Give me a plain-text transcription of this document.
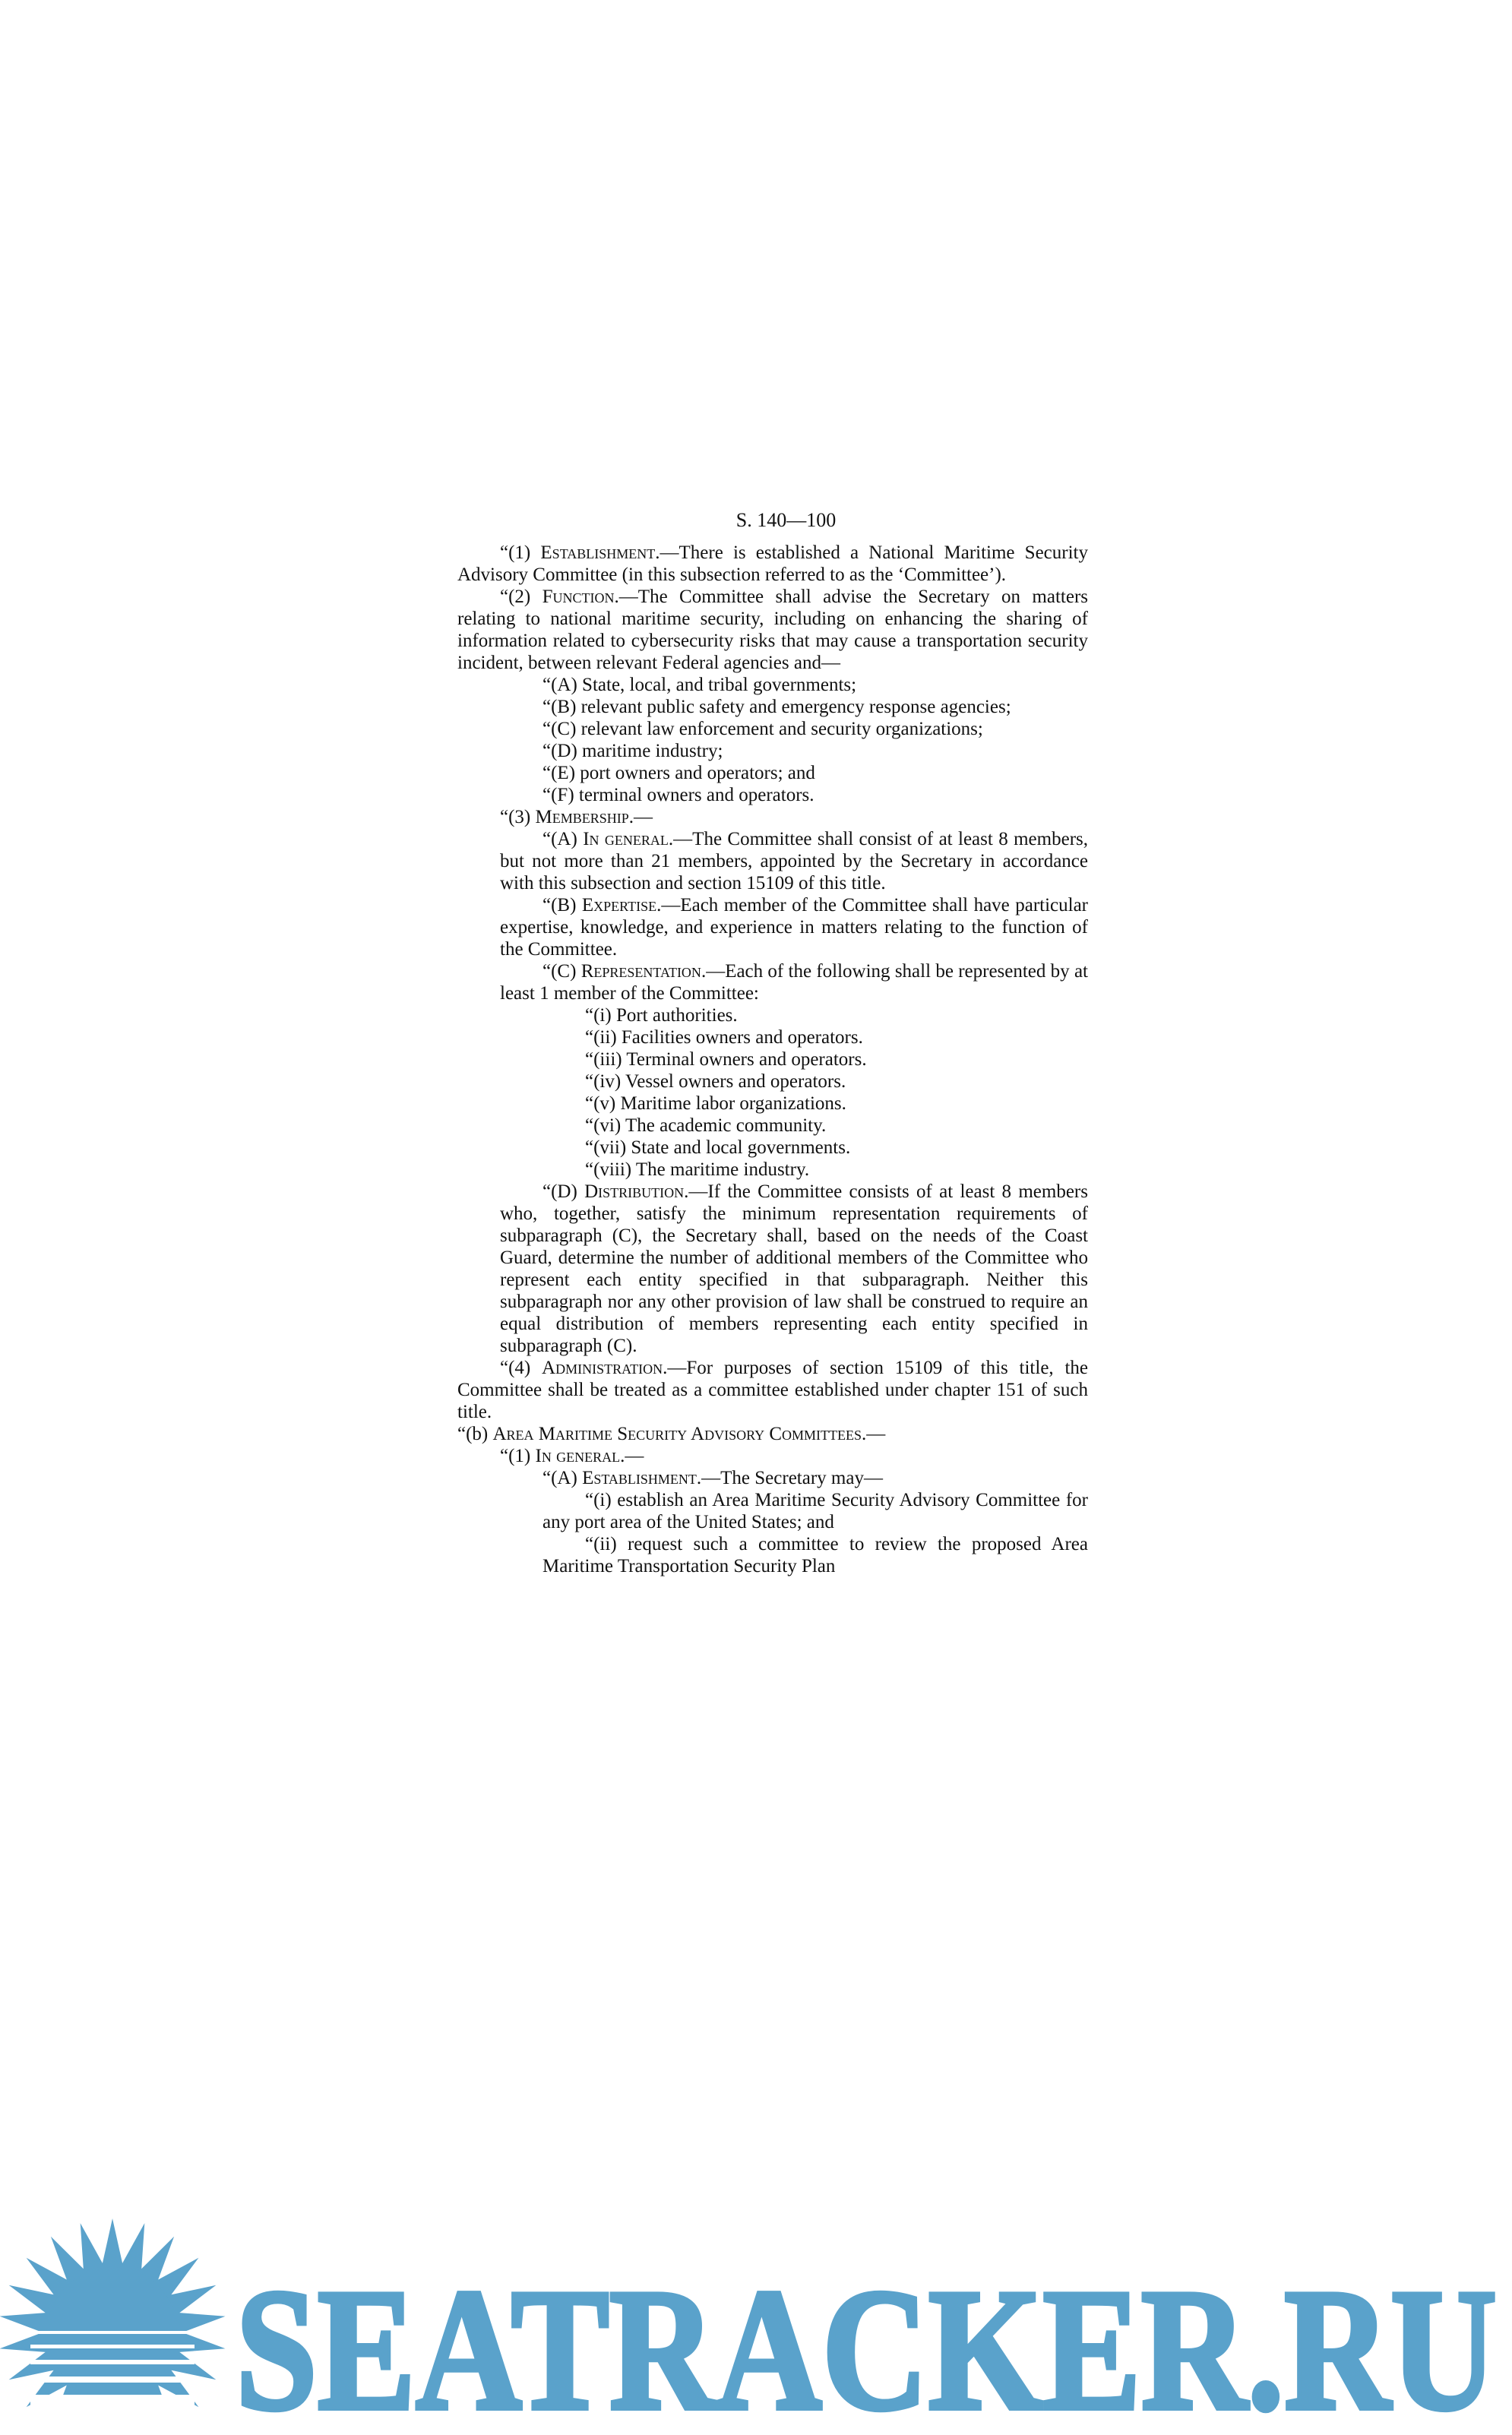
S. 140—100

“(1) Establishment.—There is established a National Maritime Security Advisory Committee (in this subsection referred to as the ‘Committee’).

“(2) Function.—The Committee shall advise the Secretary on matters relating to national maritime security, including on enhancing the sharing of information related to cybersecurity risks that may cause a transportation security incident, between relevant Federal agencies and—

“(A) State, local, and tribal governments;

“(B) relevant public safety and emergency response agencies;

“(C) relevant law enforcement and security organizations;

“(D) maritime industry;

“(E) port owners and operators; and

“(F) terminal owners and operators.

“(3) Membership.—

“(A) In general.—The Committee shall consist of at least 8 members, but not more than 21 members, appointed by the Secretary in accordance with this subsection and section 15109 of this title.

“(B) Expertise.—Each member of the Committee shall have particular expertise, knowledge, and experience in matters relating to the function of the Committee.

“(C) Representation.—Each of the following shall be represented by at least 1 member of the Committee:

“(i) Port authorities.

“(ii) Facilities owners and operators.

“(iii) Terminal owners and operators.

“(iv) Vessel owners and operators.

“(v) Maritime labor organizations.

“(vi) The academic community.

“(vii) State and local governments.

“(viii) The maritime industry.

“(D) Distribution.—If the Committee consists of at least 8 members who, together, satisfy the minimum representation requirements of subparagraph (C), the Secretary shall, based on the needs of the Coast Guard, determine the number of additional members of the Committee who represent each entity specified in that subparagraph. Neither this subparagraph nor any other provision of law shall be construed to require an equal distribution of members representing each entity specified in subparagraph (C).

“(4) Administration.—For purposes of section 15109 of this title, the Committee shall be treated as a committee established under chapter 151 of such title.

“(b) Area Maritime Security Advisory Committees.—

“(1) In general.—

“(A) Establishment.—The Secretary may—

“(i) establish an Area Maritime Security Advisory Committee for any port area of the United States; and

“(ii) request such a committee to review the proposed Area Maritime Transportation Security Plan

SEATRACKER.RU
